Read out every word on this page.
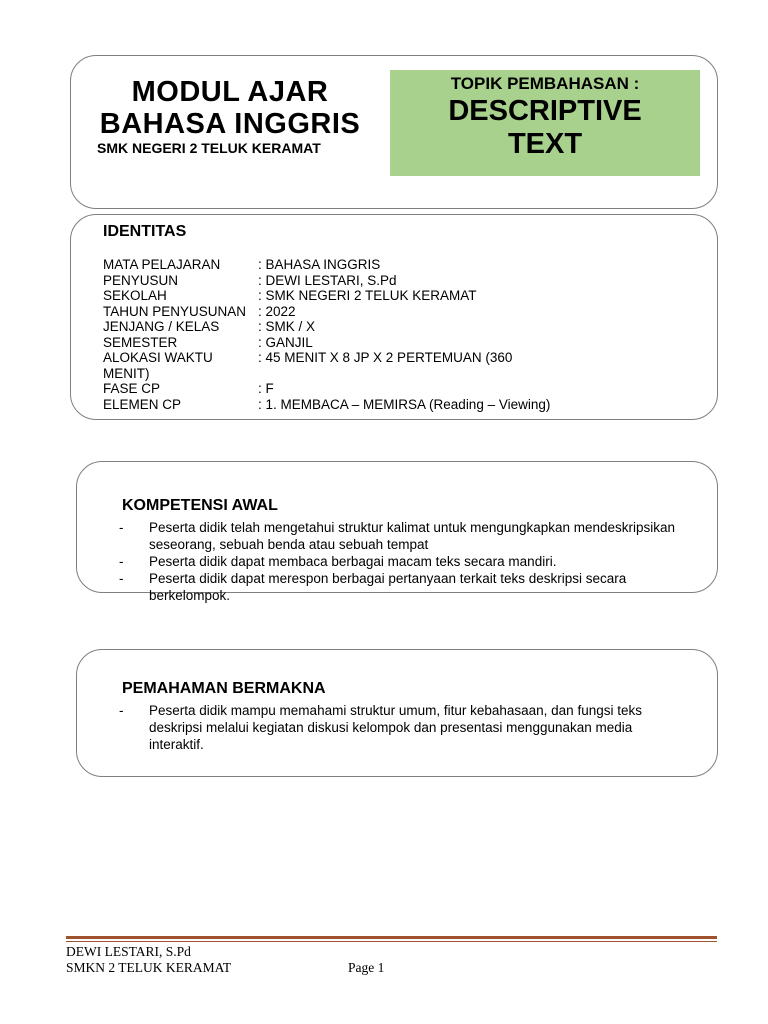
MODUL AJAR
BAHASA INGGRIS
SMK NEGERI 2 TELUK KERAMAT
TOPIK PEMBAHASAN :
DESCRIPTIVE
TEXT
IDENTITAS
MATA PELAJARAN	: BAHASA INGGRIS
PENYUSUN	: DEWI LESTARI, S.Pd
SEKOLAH	: SMK NEGERI 2 TELUK KERAMAT
TAHUN PENYUSUNAN : 2022
JENJANG / KELAS	: SMK / X
SEMESTER	: GANJIL
ALOKASI WAKTU	: 45 MENIT X 8 JP X 2 PERTEMUAN (360
MENIT)
FASE CP	: F
ELEMEN CP	: 1. MEMBACA – MEMIRSA (Reading – Viewing)
KOMPETENSI AWAL
- Peserta didik telah mengetahui struktur kalimat untuk mengungkapkan mendeskripsikan
seseorang, sebuah benda atau sebuah tempat
- Peserta didik dapat membaca berbagai macam teks secara mandiri.
- Peserta didik dapat merespon berbagai pertanyaan terkait teks deskripsi secara
berkelompok.
PEMAHAMAN BERMAKNA
- Peserta didik mampu memahami struktur umum, fitur kebahasaan, dan fungsi teks
deskripsi melalui kegiatan diskusi kelompok dan presentasi menggunakan media
interaktif.
DEWI LESTARI, S.Pd
SMKN 2 TELUK KERAMAT	Page 1
